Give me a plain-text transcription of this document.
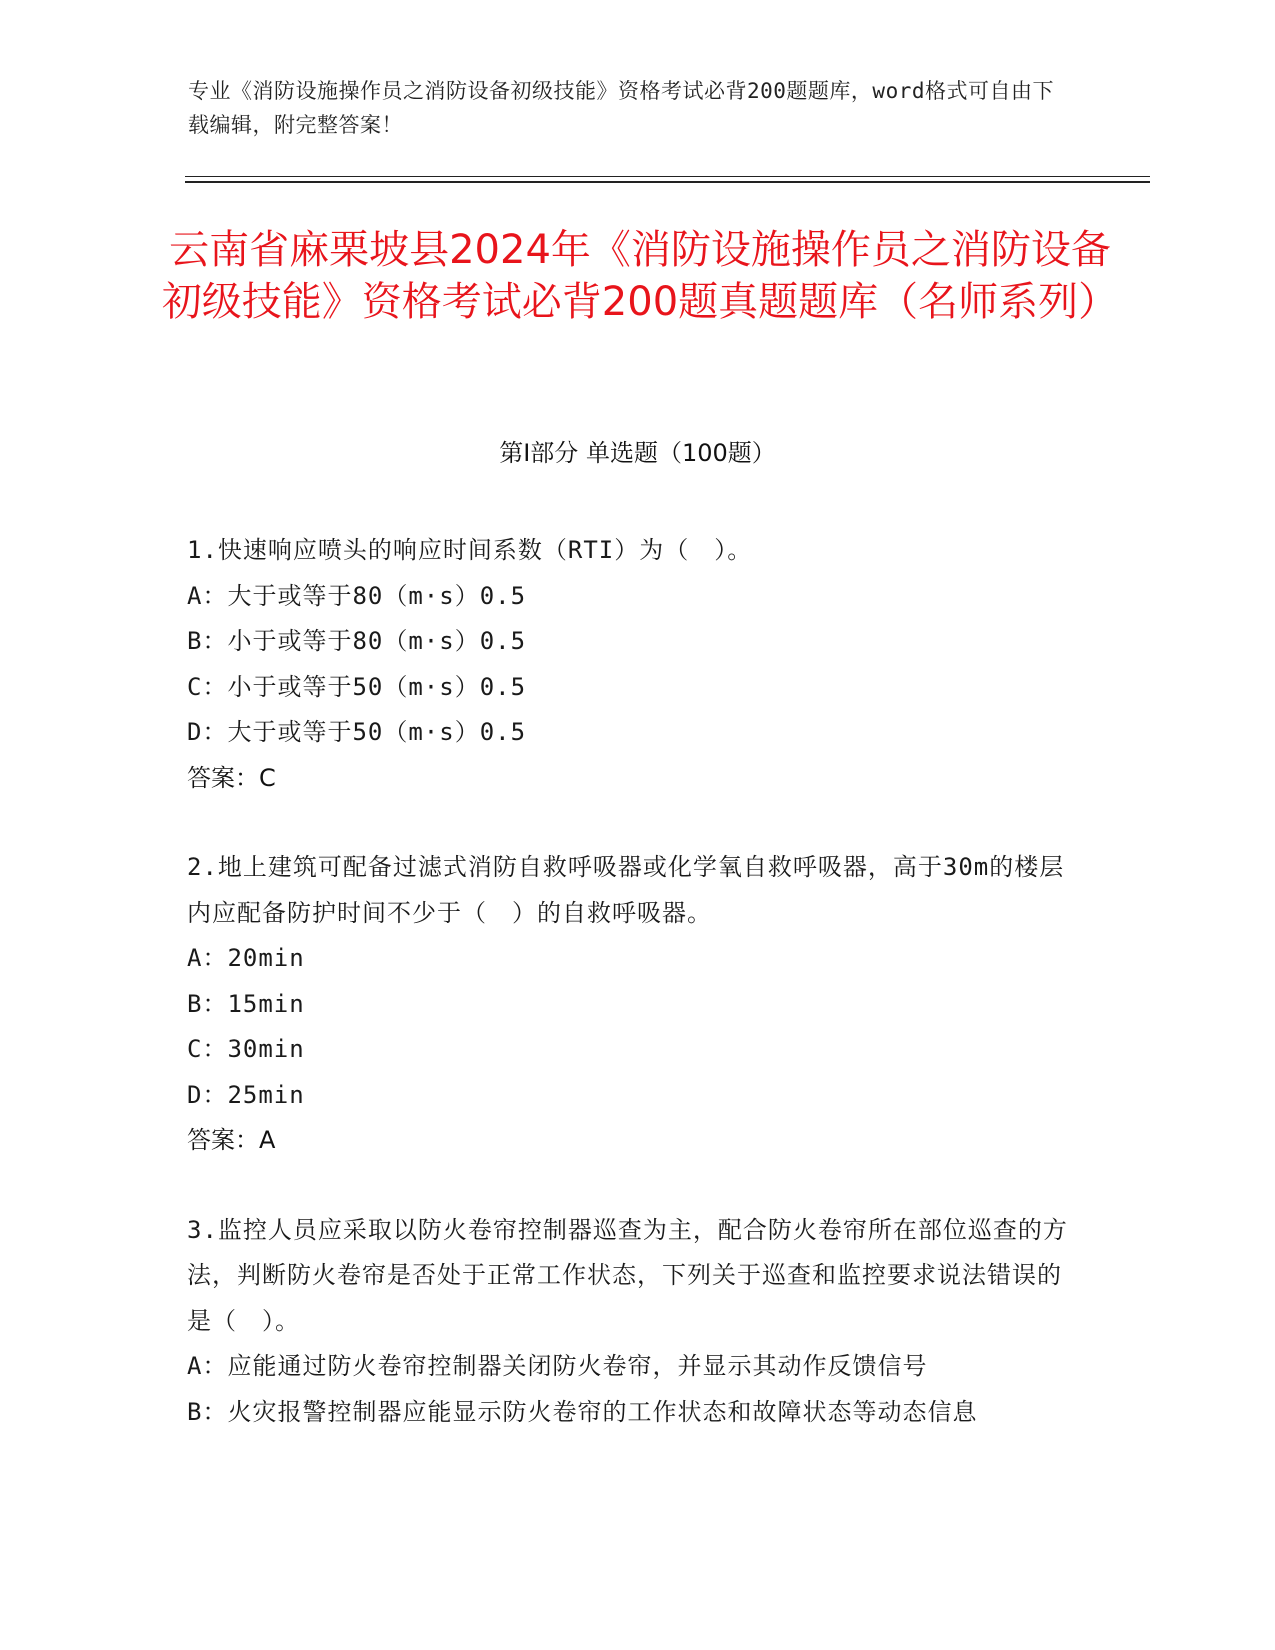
专业《消防设施操作员之消防设备初级技能》资格考试必背200题题库，word格式可自由下载编辑，附完整答案！
云南省麻栗坡县2024年《消防设施操作员之消防设备初级技能》资格考试必背200题真题题库（名师系列）
第I部分 单选题（100题）
1.快速响应喷头的响应时间系数（RTI）为（　）。
A：大于或等于80（m·s）0.5
B：小于或等于80（m·s）0.5
C：小于或等于50（m·s）0.5
D：大于或等于50（m·s）0.5
答案：C
2.地上建筑可配备过滤式消防自救呼吸器或化学氧自救呼吸器，高于30m的楼层内应配备防护时间不少于（　）的自救呼吸器。
A：20min
B：15min
C：30min
D：25min
答案：A
3.监控人员应采取以防火卷帘控制器巡查为主，配合防火卷帘所在部位巡查的方法，判断防火卷帘是否处于正常工作状态，下列关于巡查和监控要求说法错误的是（　）。
A：应能通过防火卷帘控制器关闭防火卷帘，并显示其动作反馈信号
B：火灾报警控制器应能显示防火卷帘的工作状态和故障状态等动态信息
